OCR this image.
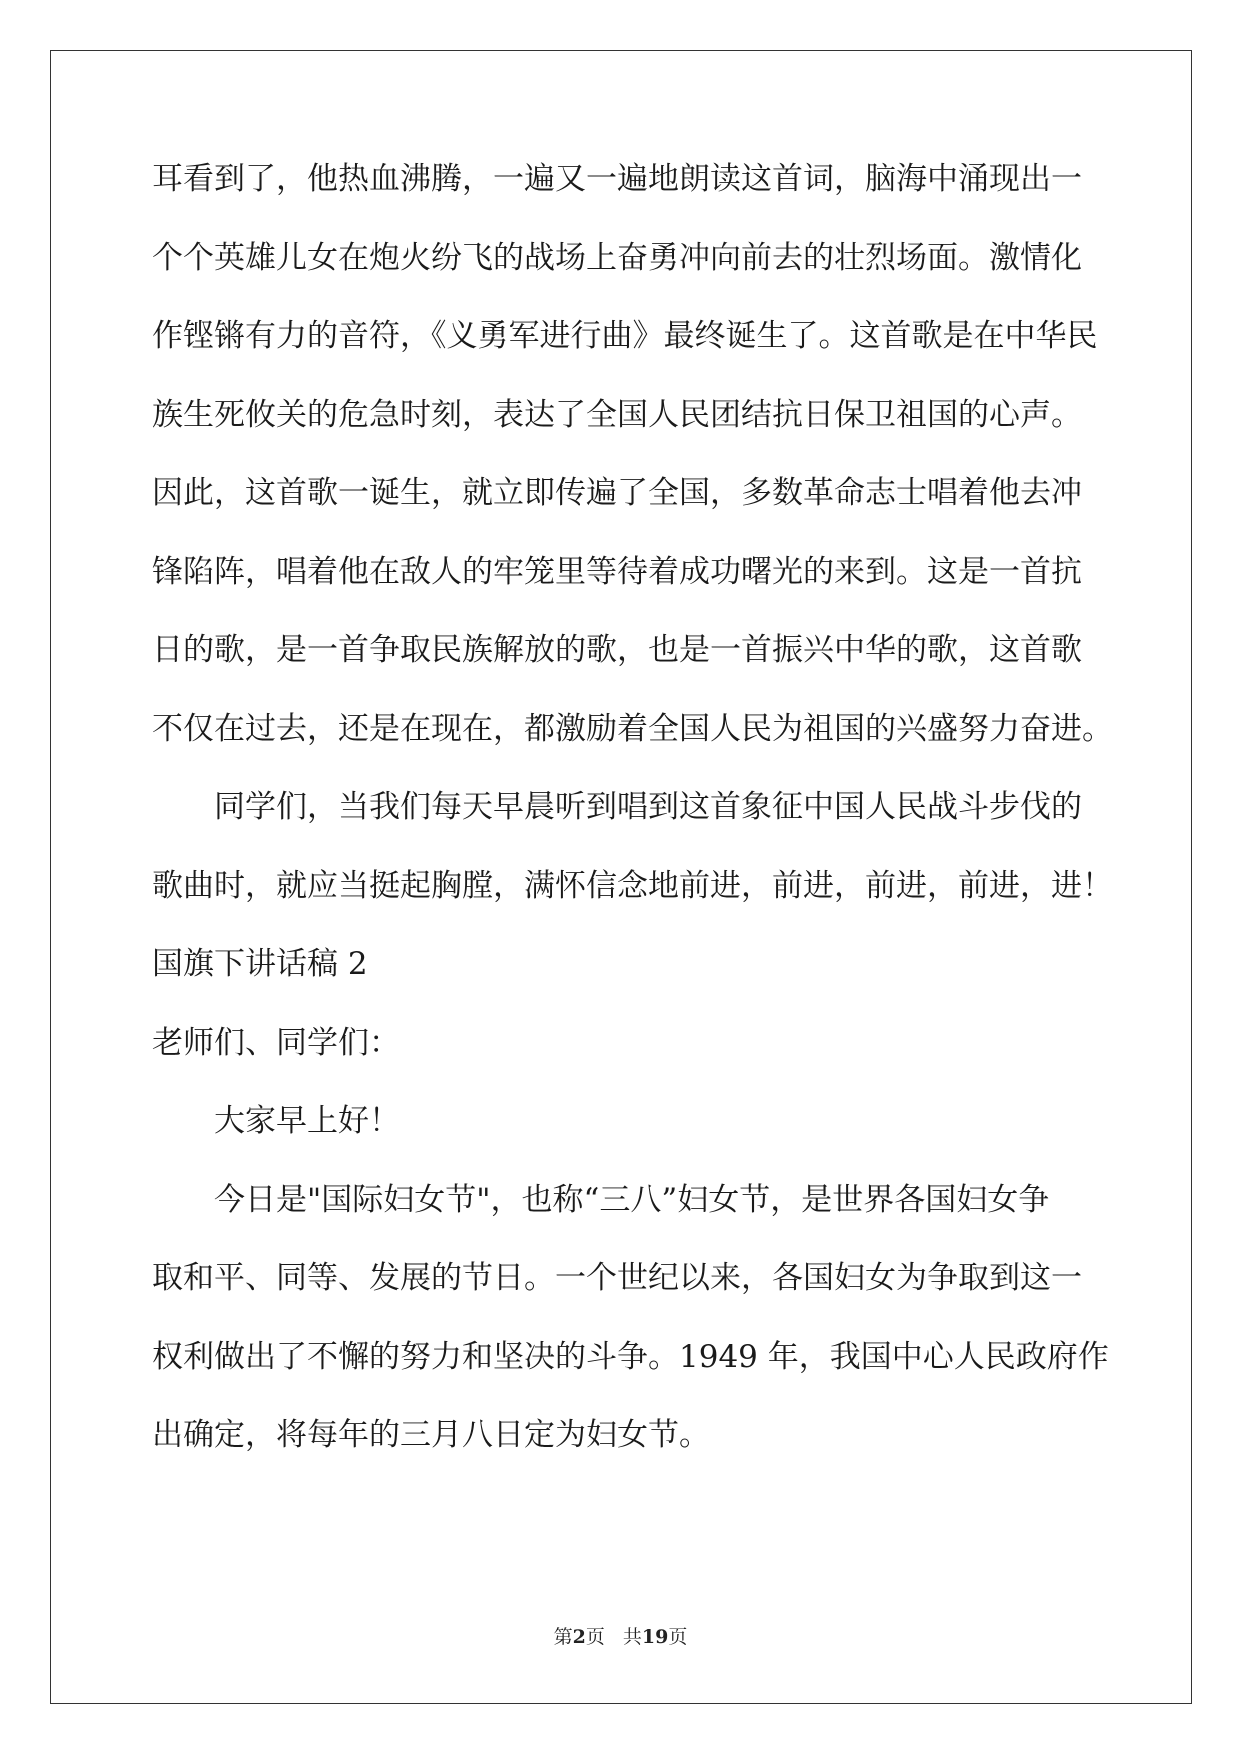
耳看到了，他热血沸腾，一遍又一遍地朗读这首词，脑海中涌现出一
个个英雄儿女在炮火纷飞的战场上奋勇冲向前去的壮烈场面。激情化
作铿锵有力的音符，《义勇军进行曲》最终诞生了。这首歌是在中华民
族生死攸关的危急时刻，表达了全国人民团结抗日保卫祖国的心声。
因此，这首歌一诞生，就立即传遍了全国，多数革命志士唱着他去冲
锋陷阵，唱着他在敌人的牢笼里等待着成功曙光的来到。这是一首抗
日的歌，是一首争取民族解放的歌，也是一首振兴中华的歌，这首歌
不仅在过去，还是在现在，都激励着全国人民为祖国的兴盛努力奋进。
同学们，当我们每天早晨听到唱到这首象征中国人民战斗步伐的
歌曲时，就应当挺起胸膛，满怀信念地前进，前进，前进，前进，进！
国旗下讲话稿 2
老师们、同学们：
大家早上好！
今日是"国际妇女节"，也称“三八”妇女节，是世界各国妇女争
取和平、同等、发展的节日。一个世纪以来，各国妇女为争取到这一
权利做出了不懈的努力和坚决的斗争。1949 年，我国中心人民政府作
出确定，将每年的三月八日定为妇女节。
第2页 共19页
